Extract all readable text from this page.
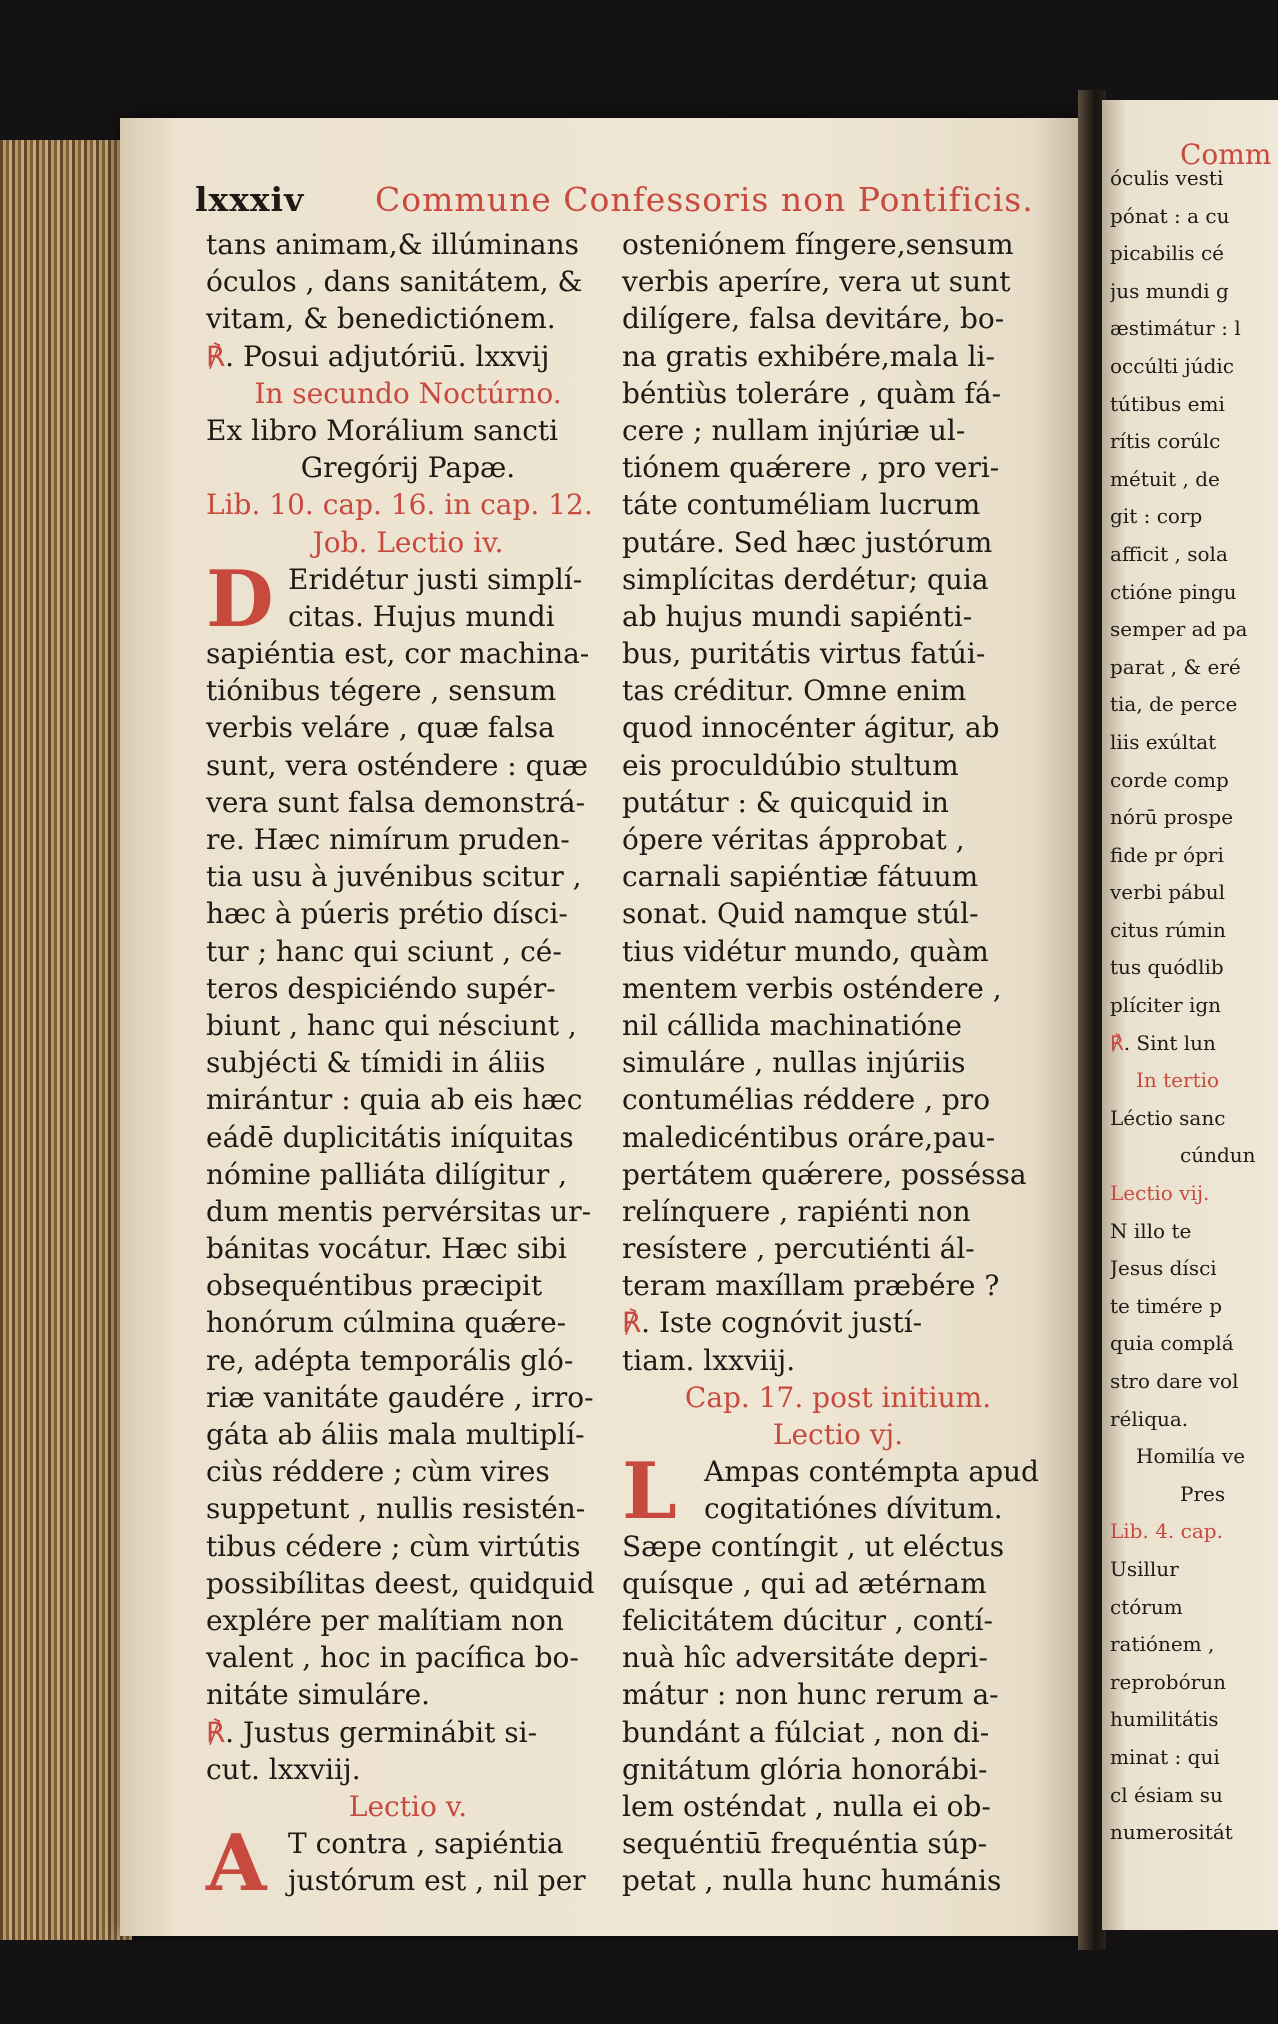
Comm
óculis vesti
pónat : a cu
picabilis cé
jus mundi g
æstimátur : l
occúlti júdic
tútibus emi
rítis corúlc
métuit , de
git : corp
afficit , sola
ctióne pingu
semper ad pa
parat , & eré
tia, de perce
liis exúltat
corde comp
nórū prospe
fide pr ópri
verbi pábul
citus rúmin
tus quódlib
plíciter ign
℟. Sint lun
In tertio
Léctio sanc
cúndun
Lectio vij.
N illo te
Jesus dísci
te timére p
quia complá
stro dare vol
réliqua.
Homilía ve
Pres
Lib. 4. cap.
Usillur
ctórum
ratiónem ,
reprobórun
humilitátis
minat : qui
cl ésiam su
numerositát
lxxxiv Commune Confessoris non Pontificis.
tans animam,& illúminans
óculos , dans sanitátem, &
vitam, & benedictiónem.
℟. Posui adjutóriū. lxxvij
In secundo Noctúrno.
Ex libro Morálium sancti
Gregórij Papæ.
Lib. 10. cap. 16. in cap. 12.
Job. Lectio iv.
D Eridétur justi simplí-
citas. Hujus mundi
sapiéntia est, cor machina-
tiónibus tégere , sensum
verbis veláre , quæ falsa
sunt, vera osténdere : quæ
vera sunt falsa demonstrá-
re. Hæc nimírum pruden-
tia usu à juvénibus scitur ,
hæc à púeris prétio dísci-
tur ; hanc qui sciunt , cé-
teros despiciéndo supér-
biunt , hanc qui nésciunt ,
subjécti & tímidi in áliis
mirántur : quia ab eis hæc
eádē duplicitátis iníquitas
nómine palliáta dilígitur ,
dum mentis pervérsitas ur-
bánitas vocátur. Hæc sibi
obsequéntibus præcipit
honórum cúlmina quǽre-
re, adépta temporális gló-
riæ vanitáte gaudére , irro-
gáta ab áliis mala multiplí-
ciùs réddere ; cùm vires
suppetunt , nullis resistén-
tibus cédere ; cùm virtútis
possibílitas deest, quidquid
explére per malítiam non
valent , hoc in pacífica bo-
nitáte simuláre.
℟. Justus germinábit si-
cut. lxxviij.
Lectio v.
A T contra , sapiéntia
justórum est , nil per
osteniónem fíngere,sensum
verbis aperíre, vera ut sunt
dilígere, falsa devitáre, bo-
na gratis exhibére,mala li-
béntiùs toleráre , quàm fá-
cere ; nullam injúriæ ul-
tiónem quǽrere , pro veri-
táte contuméliam lucrum
putáre. Sed hæc justórum
simplícitas derdétur; quia
ab hujus mundi sapiénti-
bus, puritátis virtus fatúi-
tas créditur. Omne enim
quod innocénter ágitur, ab
eis proculdúbio stultum
putátur : & quicquid in
ópere véritas ápprobat ,
carnali sapiéntiæ fátuum
sonat. Quid namque stúl-
tius vidétur mundo, quàm
mentem verbis osténdere ,
nil cállida machinatióne
simuláre , nullas injúriis
contumélias réddere , pro
maledicéntibus oráre,pau-
pertátem quǽrere, posséssa
relínquere , rapiénti non
resístere , percutiénti ál-
teram maxíllam præbére ?
℟. Iste cognóvit justí-
tiam. lxxviij.
Cap. 17. post initium.
Lectio vj.
L Ampas contémpta apud
cogitatiónes dívitum.
Sæpe contíngit , ut eléctus
quísque , qui ad ætérnam
felicitátem dúcitur , contí-
nuà hîc adversitáte depri-
mátur : non hunc rerum a-
bundánt a fúlciat , non di-
gnitátum glória honorábi-
lem osténdat , nulla ei ob-
sequéntiū frequéntia súp-
petat , nulla hunc humánis
